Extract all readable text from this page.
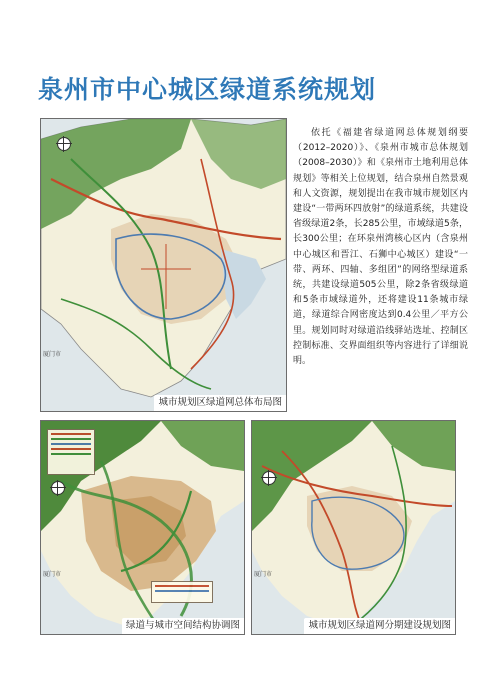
泉州市中心城区绿道系统规划
厦门市
城市规划区绿道网总体布局图
依托《福建省绿道网总体规划纲要（2012–2020）》、《泉州市城市总体规划（2008–2030）》和《泉州市土地利用总体规划》等相关上位规划，结合泉州自然景观和人文资源，规划提出在我市城市规划区内建设“一带两环四放射”的绿道系统，共建设省级绿道2条，长285公里，市域绿道5条，长300公里；在环泉州湾核心区内（含泉州中心城区和晋江、石狮中心城区）建设“一带、两环、四轴、多组团”的网络型绿道系统，共建设绿道505公里，除2条省级绿道和5条市域绿道外，还将建设11条城市绿道，绿道综合网密度达到0.4公里／平方公里。规划同时对绿道沿线驿站选址、控制区控制标准、交界面组织等内容进行了详细说明。
厦门市
绿道与城市空间结构协调图
厦门市
城市规划区绿道网分期建设规划图
